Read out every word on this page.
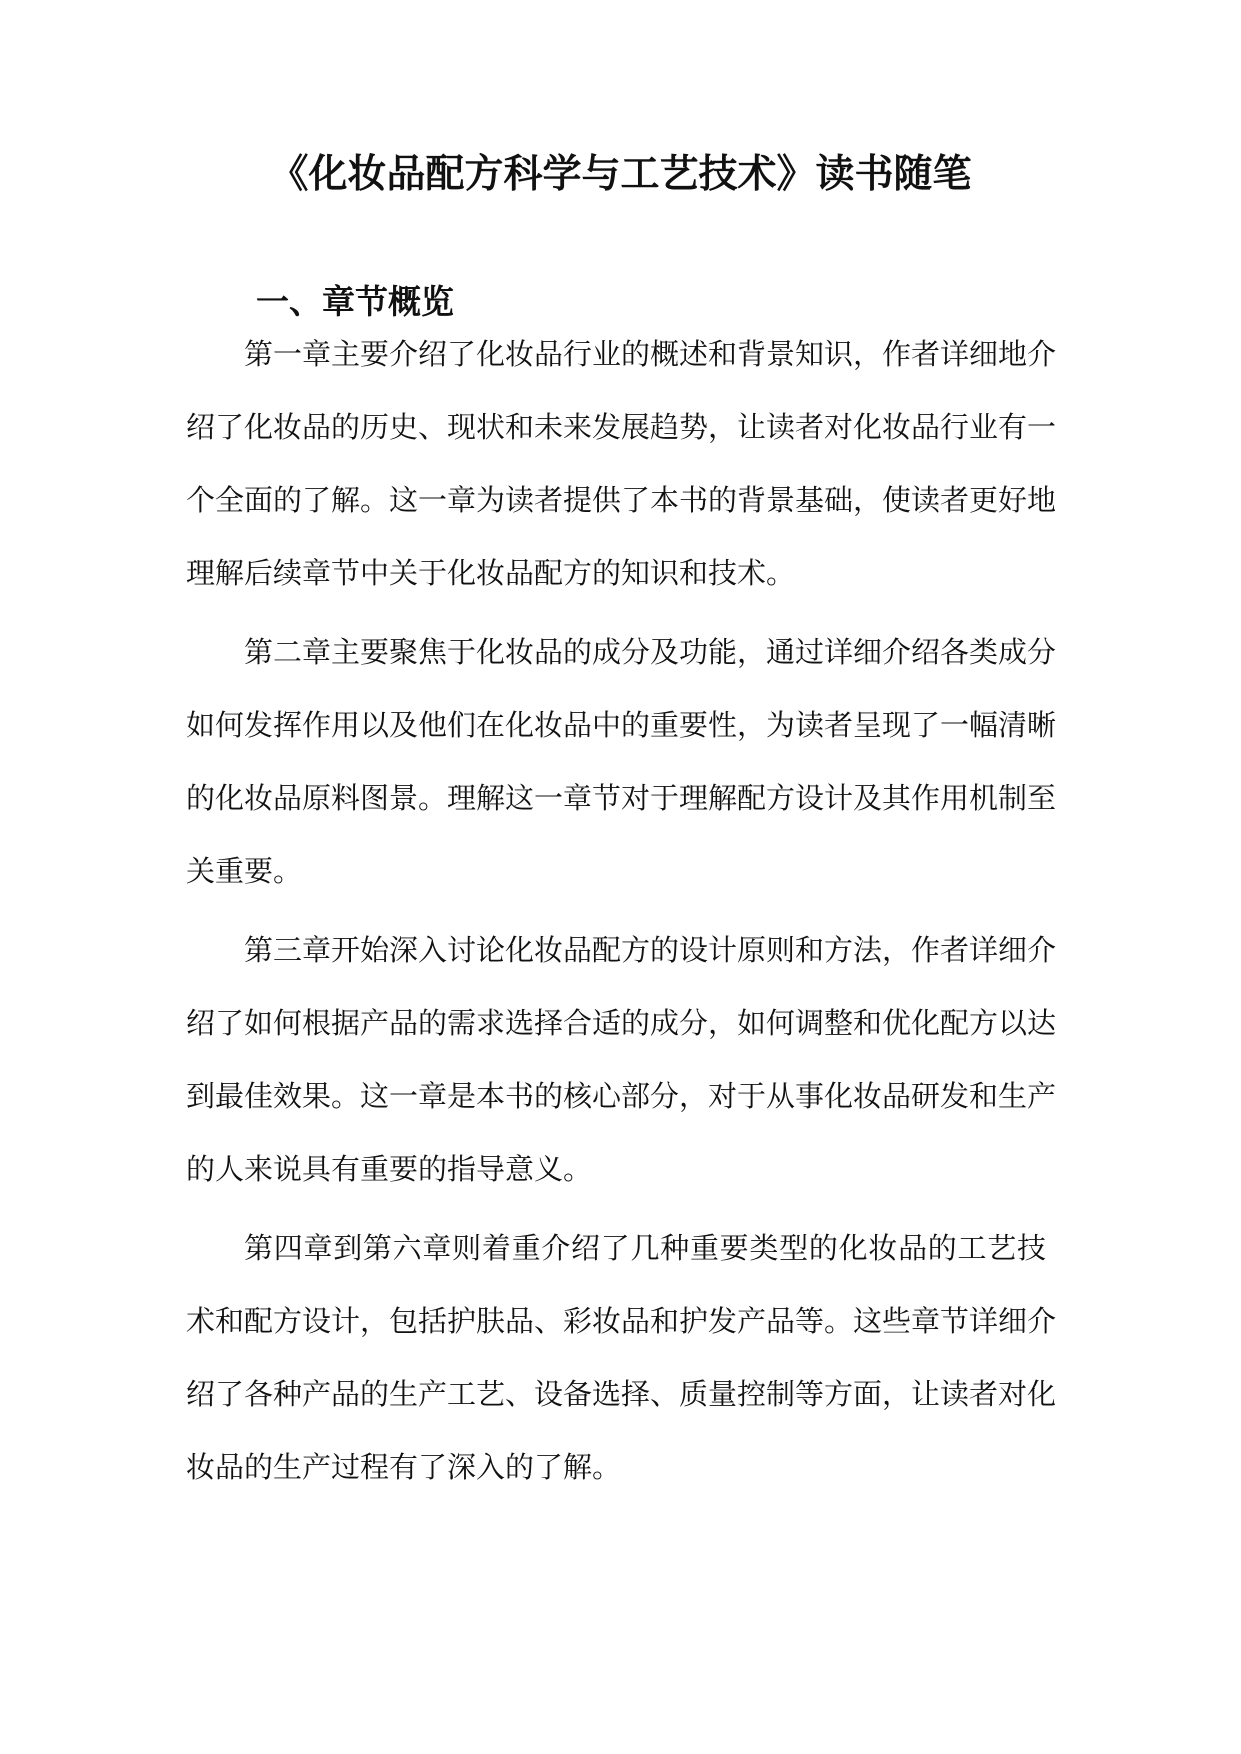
《化妆品配方科学与工艺技术》读书随笔
一、章节概览
第一章主要介绍了化妆品行业的概述和背景知识，作者详细地介
绍了化妆品的历史、现状和未来发展趋势，让读者对化妆品行业有一
个全面的了解。这一章为读者提供了本书的背景基础，使读者更好地
理解后续章节中关于化妆品配方的知识和技术。
第二章主要聚焦于化妆品的成分及功能，通过详细介绍各类成分
如何发挥作用以及他们在化妆品中的重要性，为读者呈现了一幅清晰
的化妆品原料图景。理解这一章节对于理解配方设计及其作用机制至
关重要。
第三章开始深入讨论化妆品配方的设计原则和方法，作者详细介
绍了如何根据产品的需求选择合适的成分，如何调整和优化配方以达
到最佳效果。这一章是本书的核心部分，对于从事化妆品研发和生产
的人来说具有重要的指导意义。
第四章到第六章则着重介绍了几种重要类型的化妆品的工艺技
术和配方设计，包括护肤品、彩妆品和护发产品等。这些章节详细介
绍了各种产品的生产工艺、设备选择、质量控制等方面，让读者对化
妆品的生产过程有了深入的了解。
